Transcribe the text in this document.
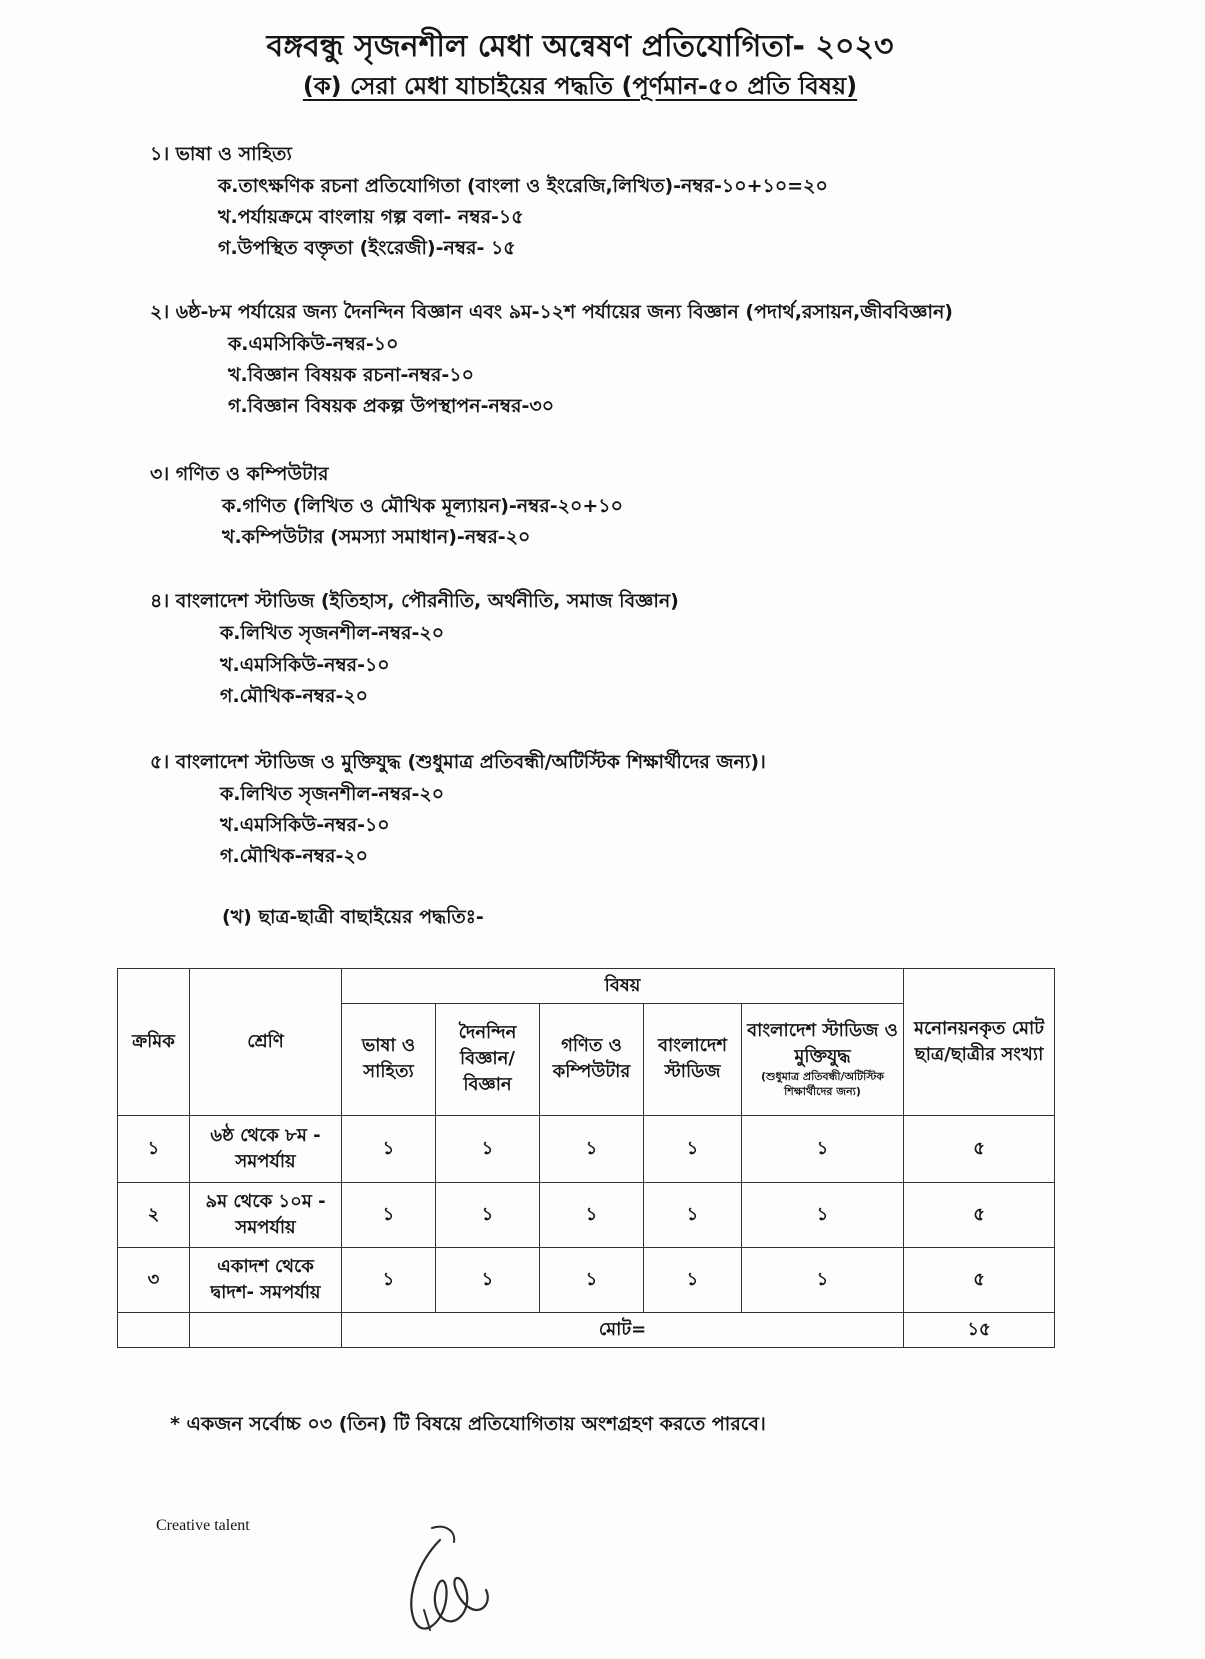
বঙ্গবন্ধু সৃজনশীল মেধা অন্বেষণ প্রতিযোগিতা- ২০২৩
(ক) সেরা মেধা যাচাইয়ের পদ্ধতি (পূর্ণমান-৫০ প্রতি বিষয়)
১। ভাষা ও সাহিত্য
ক.তাৎক্ষণিক রচনা প্রতিযোগিতা (বাংলা ও ইংরেজি,লিখিত)-নম্বর-১০+১০=২০
খ.পর্যায়ক্রমে বাংলায় গল্প বলা- নম্বর-১৫
গ.উপস্থিত বক্তৃতা (ইংরেজী)-নম্বর- ১৫
২। ৬ষ্ঠ-৮ম পর্যায়ের জন্য দৈনন্দিন বিজ্ঞান এবং ৯ম-১২শ পর্যায়ের জন্য বিজ্ঞান (পদার্থ,রসায়ন,জীববিজ্ঞান)
ক.এমসিকিউ-নম্বর-১০
খ.বিজ্ঞান বিষয়ক রচনা-নম্বর-১০
গ.বিজ্ঞান বিষয়ক প্রকল্প উপস্থাপন-নম্বর-৩০
৩। গণিত ও কম্পিউটার
ক.গণিত (লিখিত ও মৌখিক মূল্যায়ন)-নম্বর-২০+১০
খ.কম্পিউটার (সমস্যা সমাধান)-নম্বর-২০
৪। বাংলাদেশ স্টাডিজ (ইতিহাস, পৌরনীতি, অর্থনীতি, সমাজ বিজ্ঞান)
ক.লিখিত সৃজনশীল-নম্বর-২০
খ.এমসিকিউ-নম্বর-১০
গ.মৌখিক-নম্বর-২০
৫। বাংলাদেশ স্টাডিজ ও মুক্তিযুদ্ধ (শুধুমাত্র প্রতিবন্ধী/অটিস্টিক শিক্ষার্থীদের জন্য)।
ক.লিখিত সৃজনশীল-নম্বর-২০
খ.এমসিকিউ-নম্বর-১০
গ.মৌখিক-নম্বর-২০
(খ) ছাত্র-ছাত্রী বাছাইয়ের পদ্ধতিঃ-
ক্রমিক	শ্রেণি	বিষয়					মনোনয়নকৃত মোট ছাত্র/ছাত্রীর সংখ্যা
		ভাষা ও সাহিত্য	দৈনন্দিন বিজ্ঞান/ বিজ্ঞান	গণিত ও কম্পিউটার	বাংলাদেশ স্টাডিজ	বাংলাদেশ স্টাডিজ ও মুক্তিযুদ্ধ
(শুধুমাত্র প্রতিবন্ধী/অটিস্টিক শিক্ষার্থীদের জন্য)	

১	৬ষ্ঠ থেকে ৮ম - সমপর্যায়	১	১	১	১	১	৫
২	৯ম থেকে ১০ম - সমপর্যায়	১	১	১	১	১	৫
৩	একাদশ থেকে দ্বাদশ- সমপর্যায়	১	১	১	১	১	৫
		মোট=					১৫
* একজন সর্বোচ্চ ০৩ (তিন) টি বিষয়ে প্রতিযোগিতায় অংশগ্রহণ করতে পারবে।
Creative talent
